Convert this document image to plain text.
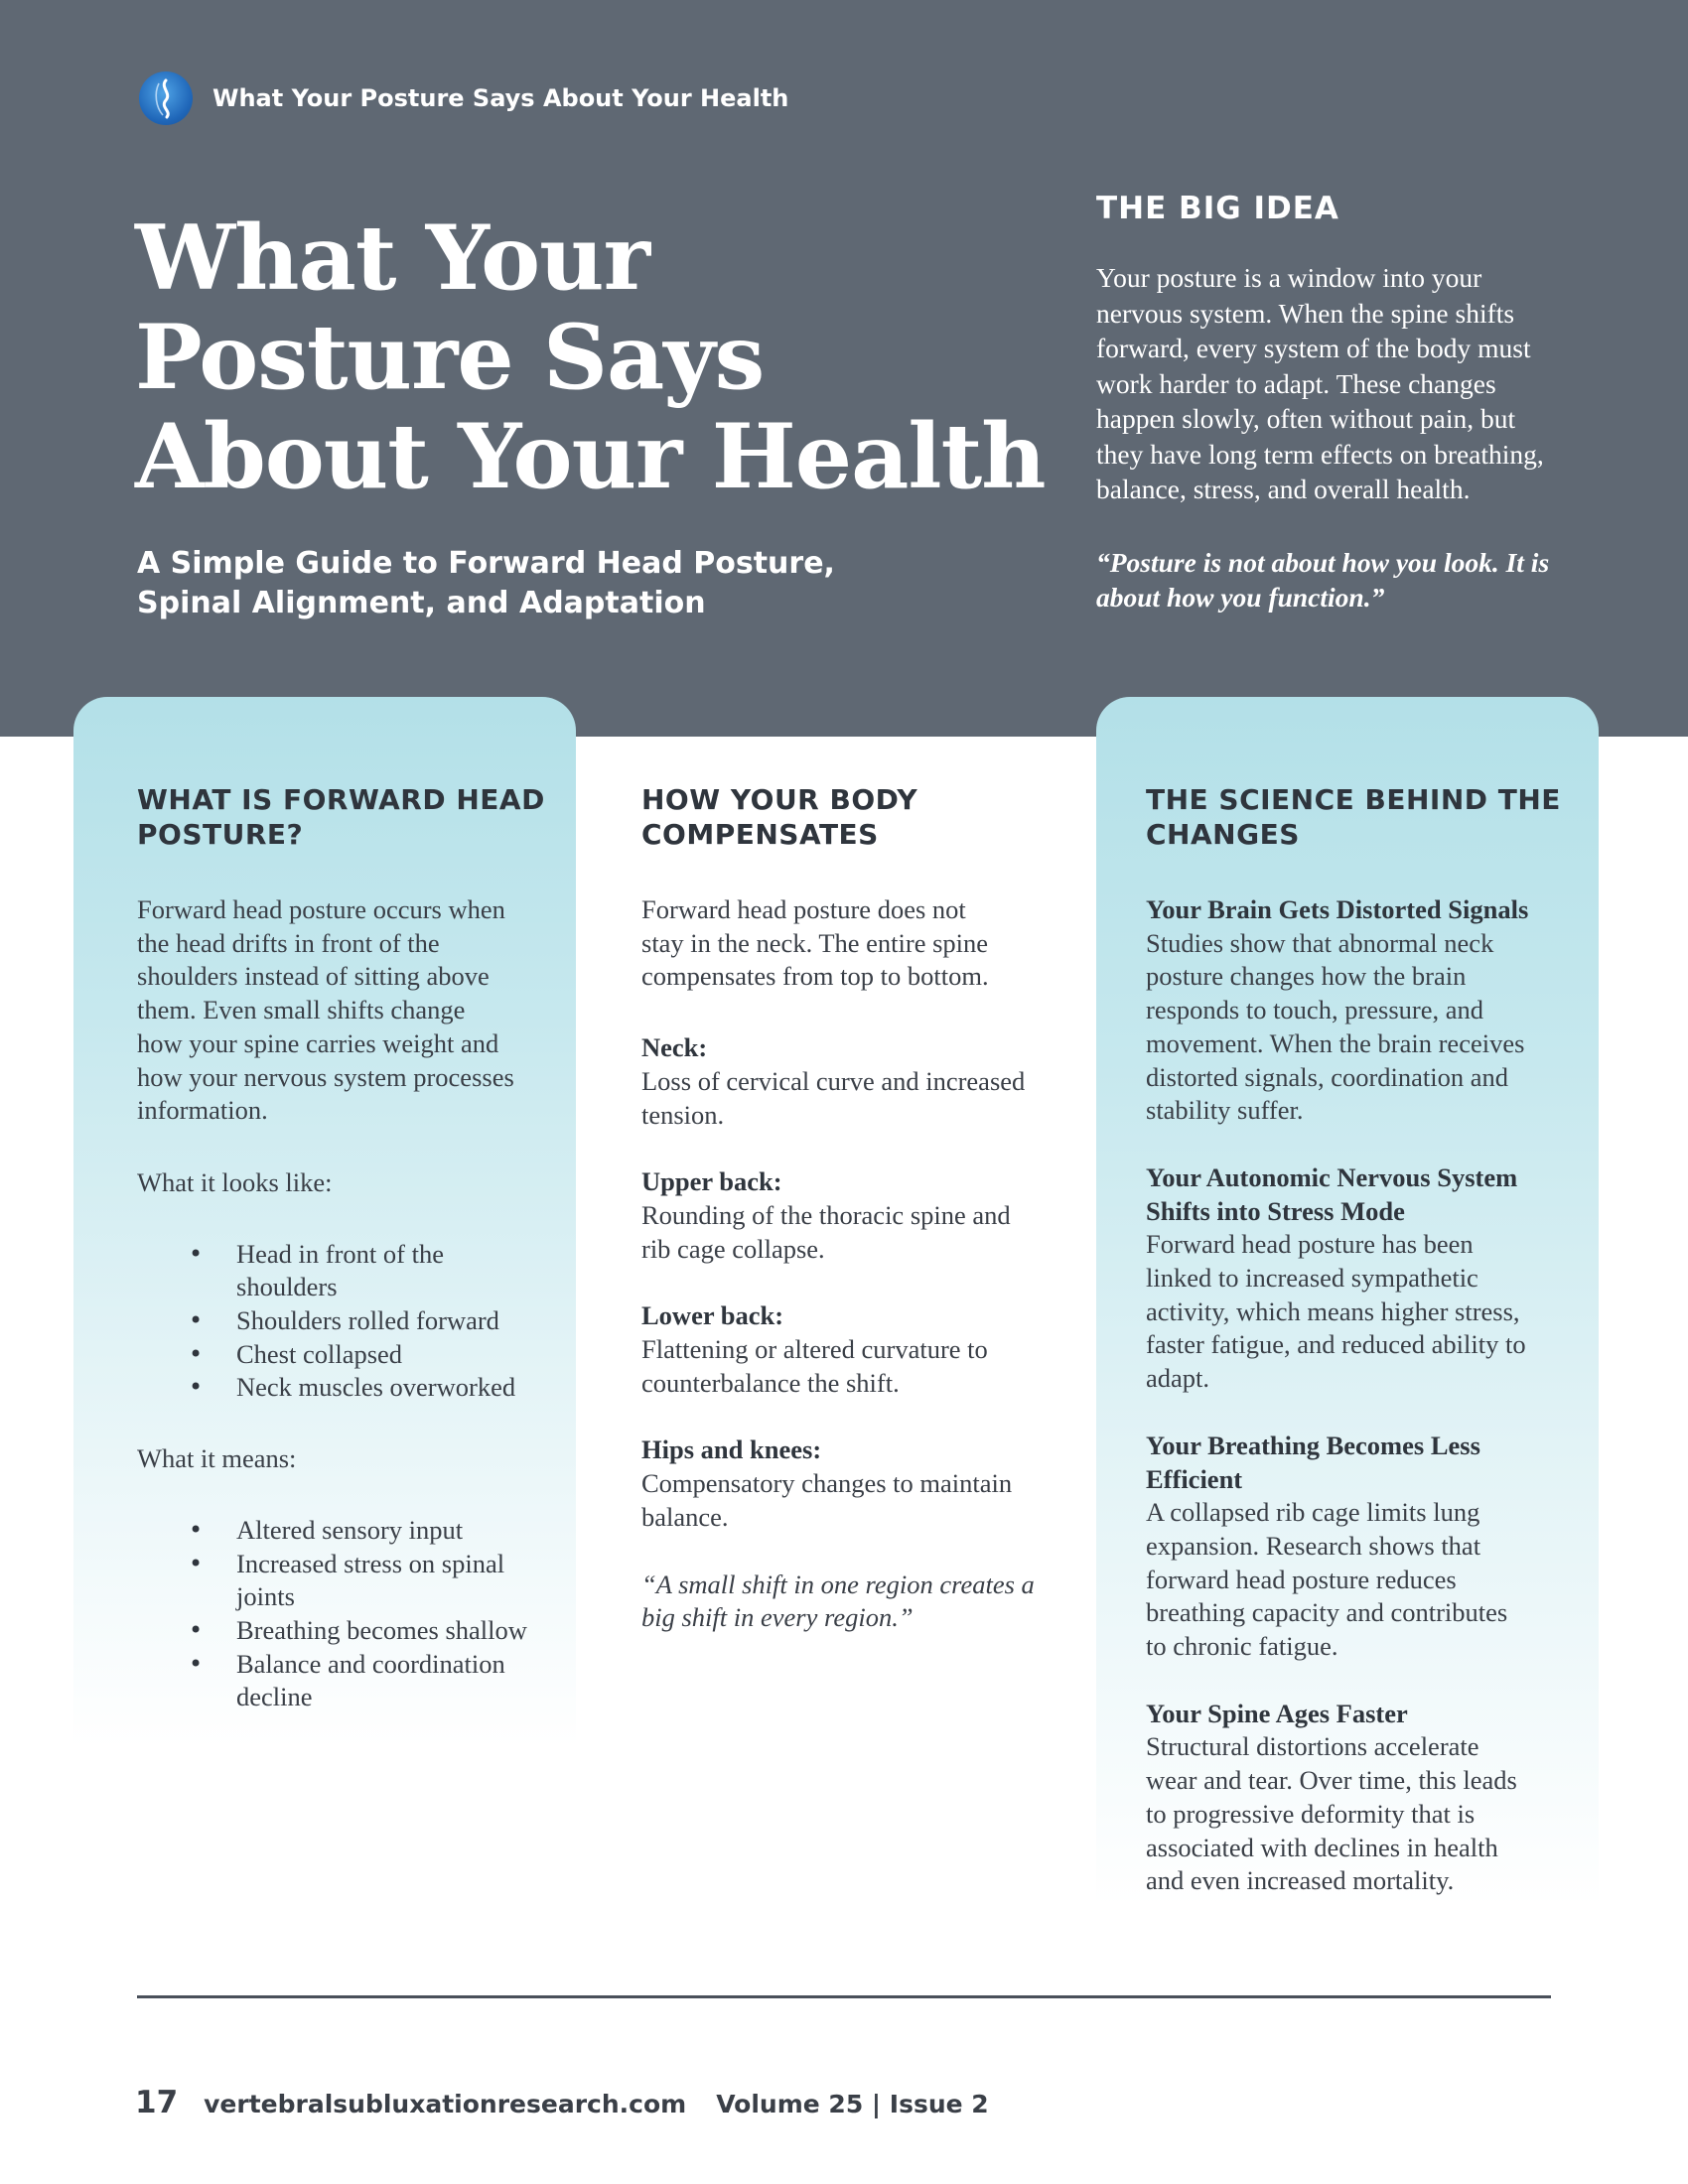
What Your Posture Says About Your Health
What Your
Posture Says
About Your Health
A Simple Guide to Forward Head Posture,
Spinal Alignment, and Adaptation
THE BIG IDEA
Your posture is a window into your
nervous system. When the spine shifts
forward, every system of the body must
work harder to adapt. These changes
happen slowly, often without pain, but
they have long term effects on breathing,
balance, stress, and overall health.
“Posture is not about how you look. It is
about how you function.”
WHAT IS FORWARD HEAD
POSTURE?
Forward head posture occurs when
the head drifts in front of the
shoulders instead of sitting above
them. Even small shifts change
how your spine carries weight and
how your nervous system processes
information.
What it looks like:
• Head in front of the
shoulders
• Shoulders rolled forward
• Chest collapsed
• Neck muscles overworked
What it means:
• Altered sensory input
• Increased stress on spinal
joints
• Breathing becomes shallow
• Balance and coordination
decline
HOW YOUR BODY
COMPENSATES
Forward head posture does not
stay in the neck. The entire spine
compensates from top to bottom.
Neck:
Loss of cervical curve and increased
tension.
Upper back:
Rounding of the thoracic spine and
rib cage collapse.
Lower back:
Flattening or altered curvature to
counterbalance the shift.
Hips and knees:
Compensatory changes to maintain
balance.
“A small shift in one region creates a
big shift in every region.”
THE SCIENCE BEHIND THE
CHANGES
Your Brain Gets Distorted Signals
Studies show that abnormal neck
posture changes how the brain
responds to touch, pressure, and
movement. When the brain receives
distorted signals, coordination and
stability suffer.
Your Autonomic Nervous System
Shifts into Stress Mode
Forward head posture has been
linked to increased sympathetic
activity, which means higher stress,
faster fatigue, and reduced ability to
adapt.
Your Breathing Becomes Less
Efficient
A collapsed rib cage limits lung
expansion. Research shows that
forward head posture reduces
breathing capacity and contributes
to chronic fatigue.
Your Spine Ages Faster
Structural distortions accelerate
wear and tear. Over time, this leads
to progressive deformity that is
associated with declines in health
and even increased mortality.
17 vertebralsubluxationresearch.com Volume 25 | Issue 2
